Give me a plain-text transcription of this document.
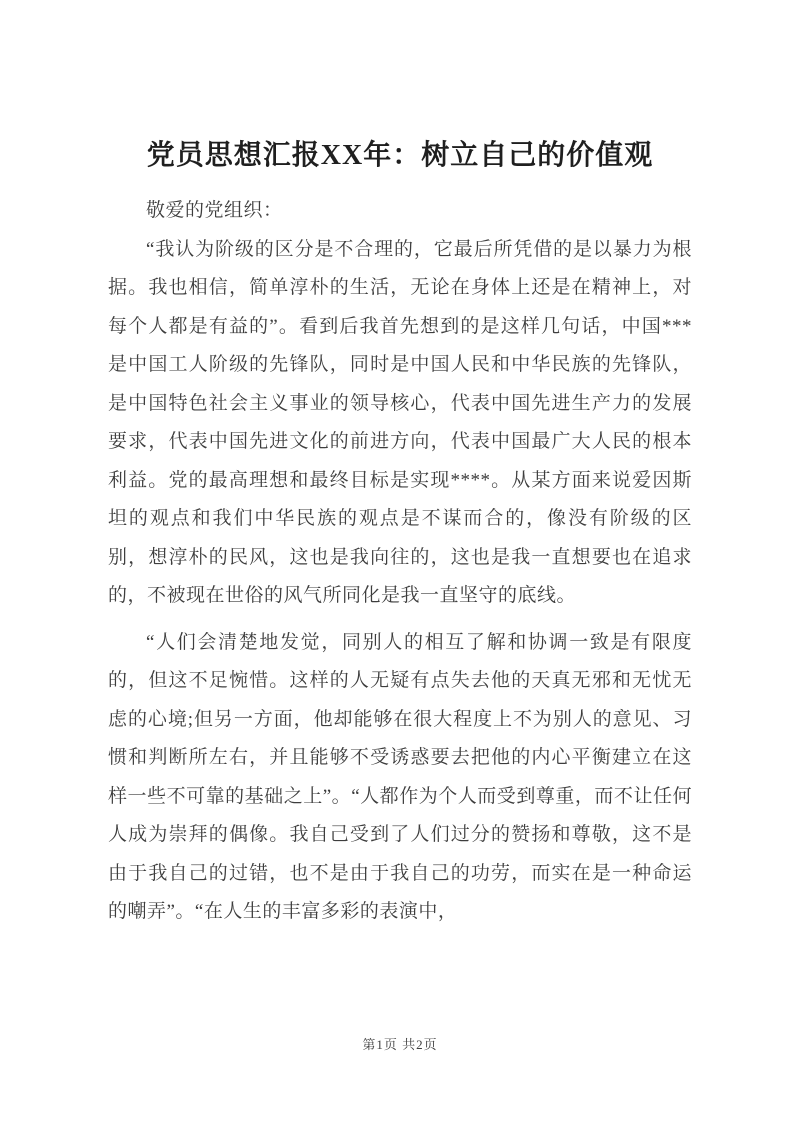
党员思想汇报XX年：树立自己的价值观

敬爱的党组织：

“我认为阶级的区分是不合理的，它最后所凭借的是以暴力为根据。我也相信，简单淳朴的生活，无论在身体上还是在精神上，对每个人都是有益的”。看到后我首先想到的是这样几句话，中国***是中国工人阶级的先锋队，同时是中国人民和中华民族的先锋队，是中国特色社会主义事业的领导核心，代表中国先进生产力的发展要求，代表中国先进文化的前进方向，代表中国最广大人民的根本利益。党的最高理想和最终目标是实现****。从某方面来说爱因斯坦的观点和我们中华民族的观点是不谋而合的，像没有阶级的区别，想淳朴的民风，这也是我向往的，这也是我一直想要也在追求的，不被现在世俗的风气所同化是我一直坚守的底线。

“人们会清楚地发觉，同别人的相互了解和协调一致是有限度的，但这不足惋惜。这样的人无疑有点失去他的天真无邪和无忧无虑的心境;但另一方面，他却能够在很大程度上不为别人的意见、习惯和判断所左右，并且能够不受诱惑要去把他的内心平衡建立在这样一些不可靠的基础之上”。“人都作为个人而受到尊重，而不让任何人成为崇拜的偶像。我自己受到了人们过分的赞扬和尊敬，这不是由于我自己的过错，也不是由于我自己的功劳，而实在是一种命运的嘲弄”。“在人生的丰富多彩的表演中，

第1页 共2页
